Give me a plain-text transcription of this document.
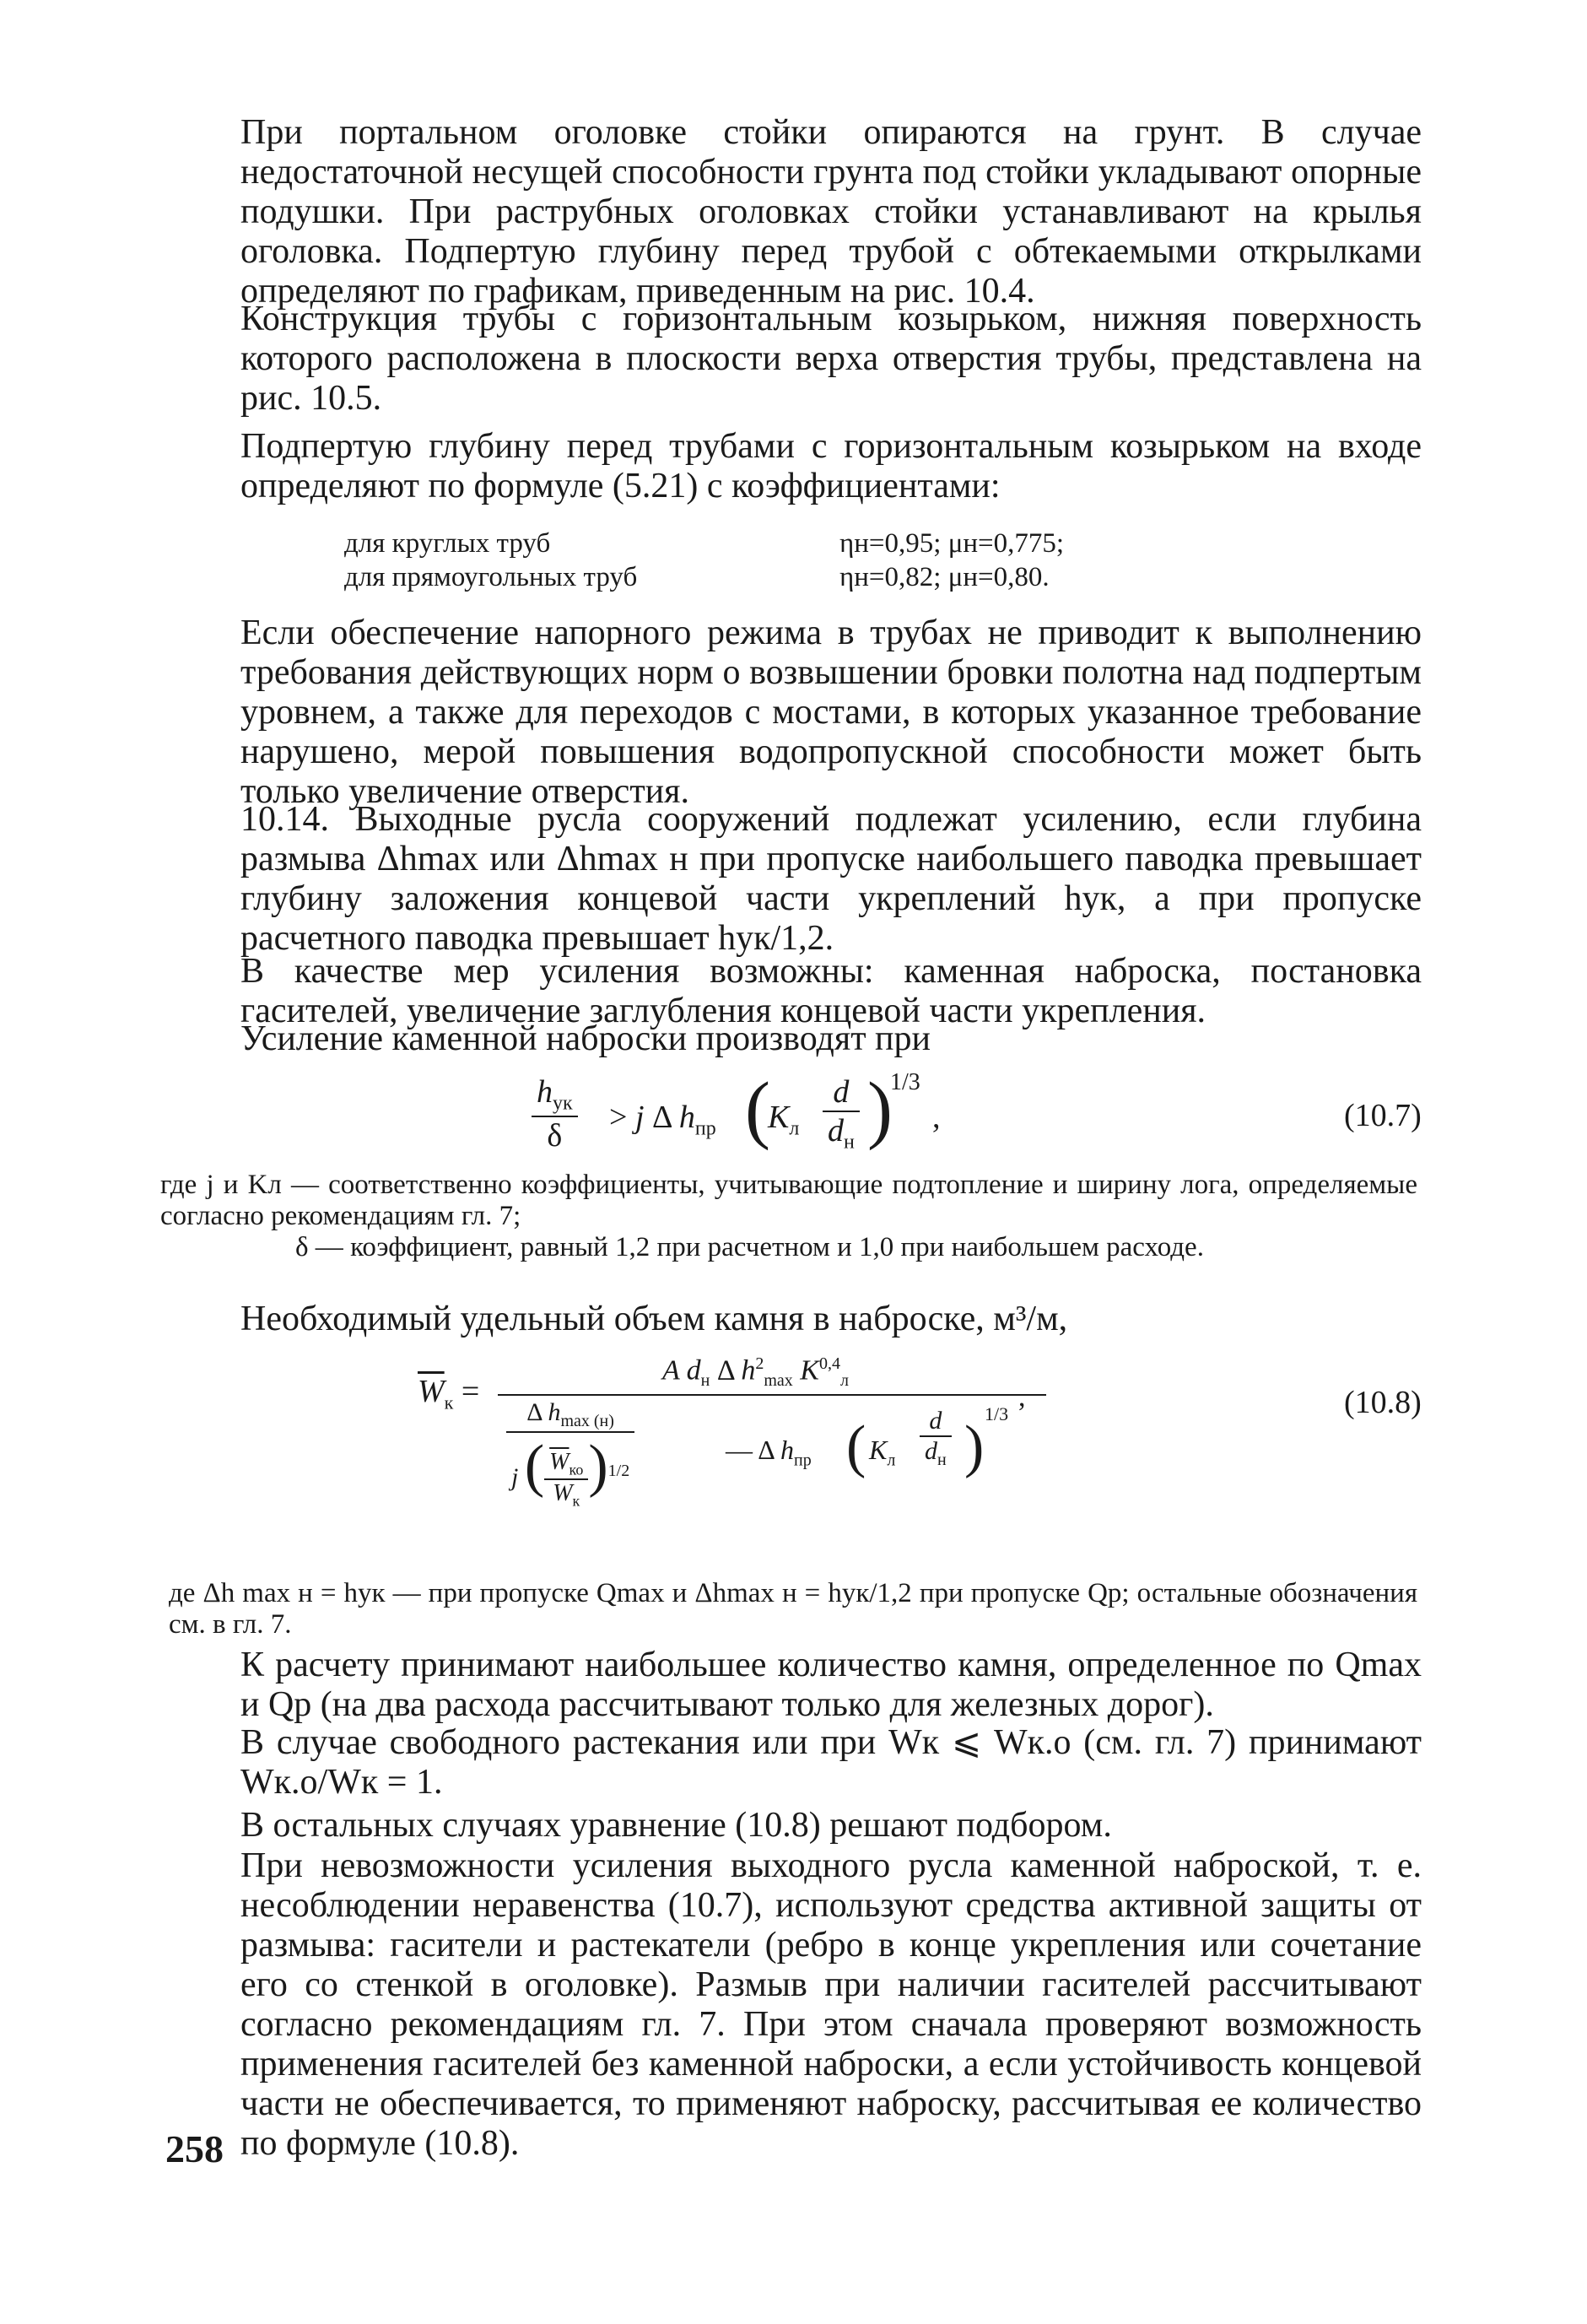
При портальном оголовке стойки опираются на грунт. В случае недостаточной несущей способности грунта под стойки укладывают опорные подушки. При раструбных оголовках стойки устанавливают на крылья оголовка. Подпертую глубину перед трубой с обтекаемыми открылками определяют по графикам, приведенным на рис. 10.4.

Конструкция трубы с горизонтальным козырьком, нижняя поверхность которого расположена в плоскости верха отверстия трубы, представлена на рис. 10.5.

Подпертую глубину перед трубами с горизонтальным козырьком на входе определяют по формуле (5.21) с коэффициентами:

для круглых труб	ηн=0,95; μн=0,775;
для прямоугольных труб	ηн=0,82; μн=0,80.

Если обеспечение напорного режима в трубах не приводит к выполнению требования действующих норм о возвышении бровки полотна над подпертым уровнем, а также для переходов с мостами, в которых указанное требование нарушено, мерой повышения водопропускной способности может быть только увеличение отверстия.

10.14. Выходные русла сооружений подлежат усилению, если глубина размыва Δhmax или Δhmax н при пропуске наибольшего паводка превышает глубину заложения концевой части укреплений hук, а при пропуске расчетного паводка превышает hук/1,2.

В качестве мер усиления возможны: каменная наброска, постановка гасителей, увеличение заглубления концевой части укрепления.

Усиление каменной наброски производят при

$h_{ук}$
δ
> j Δ $h_{пр}$ (
$K_л$
d
$d_н$ )
1/3
,	(10.7)
где j и Kл — соответственно коэффициенты, учитывающие подтопление и ширину лога, определяемые согласно рекомендациям гл. 7;
δ — коэффициент, равный 1,2 при расчетном и 1,0 при наибольшем расходе.

Необходимый удельный объем камня в наброске, м³/м,

$\overline{W}_к$ =
A $d_н$ Δ $h^2_{max}$ K$^{0,4}_л$
Δ $h_{max (н)}$
j ( $\frac{\overline{W}_{ко}}{\overline{W}_к} )^{1/2}$
— Δ $h_{пр}$ ( $K_л$
d
$d_н$ )
1/3
,	(10.8)
де Δh max н = hук — при пропуске Qmax и Δhmax н = hук/1,2 при пропуске Qр; остальные обозначения см. в гл. 7.

К расчету принимают наибольшее количество камня, определенное по Qmax и Qр (на два расхода рассчитывают только для железных дорог).

В случае свободного растекания или при Wк ⩽ Wк.о (см. гл. 7) принимают Wк.о/Wк = 1.

В остальных случаях уравнение (10.8) решают подбором.

При невозможности усиления выходного русла каменной наброской, т. е. несоблюдении неравенства (10.7), используют средства активной защиты от размыва: гасители и растекатели (ребро в конце укрепления или сочетание его со стенкой в оголовке). Размыв при наличии гасителей рассчитывают согласно рекомендациям гл. 7. При этом сначала проверяют возможность применения гасителей без каменной наброски, а если устойчивость концевой части не обеспечивается, то применяют наброску, рассчитывая ее количество по формуле (10.8).

258
